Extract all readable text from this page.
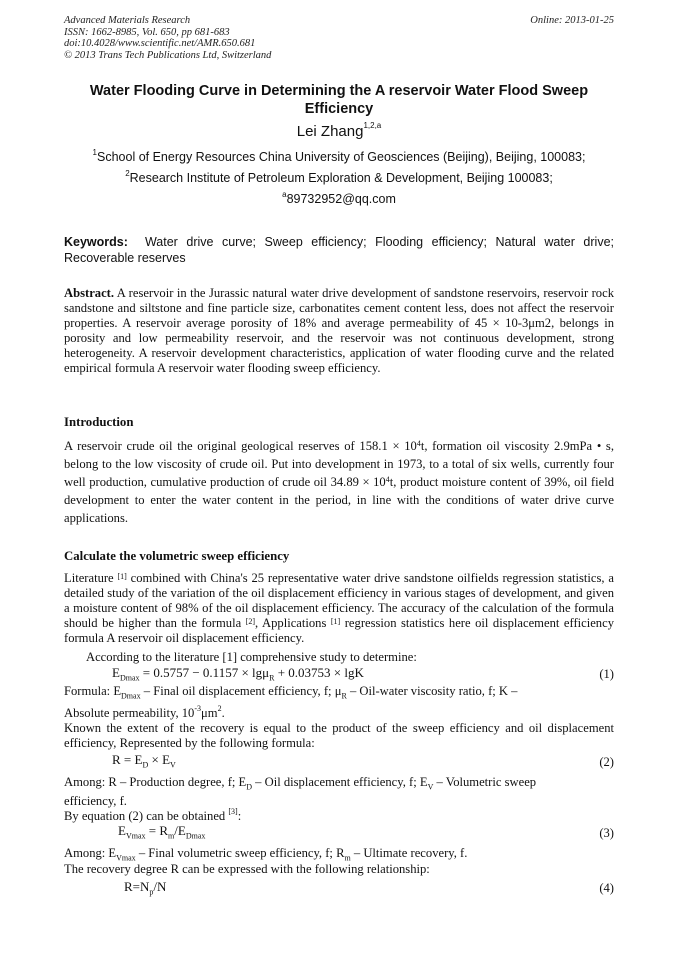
Advanced Materials Research
ISSN: 1662-8985, Vol. 650, pp 681-683
doi:10.4028/www.scientific.net/AMR.650.681
© 2013 Trans Tech Publications Ltd, Switzerland
Online: 2013-01-25
Water Flooding Curve in Determining the A reservoir Water Flood Sweep Efficiency
Lei Zhang$^{1,2,a}$
$^1$School of Energy Resources China University of Geosciences (Beijing), Beijing, 100083;
$^2$Research Institute of Petroleum Exploration & Development, Beijing 100083;
$^a$89732952@qq.com
Keywords: Water drive curve; Sweep efficiency; Flooding efficiency; Natural water drive; Recoverable reserves
Abstract. A reservoir in the Jurassic natural water drive development of sandstone reservoirs, reservoir rock sandstone and siltstone and fine particle size, carbonatites cement content less, does not affect the reservoir properties. A reservoir average porosity of 18% and average permeability of 45 × 10-3μm2, belongs in porosity and low permeability reservoir, and the reservoir was not continuous development, strong heterogeneity. A reservoir development characteristics, application of water flooding curve and the related empirical formula A reservoir water flooding sweep efficiency.
Introduction
A reservoir crude oil the original geological reserves of $158.1 \times 10^4t$, formation oil viscosity 2.9mPa • s, belong to the low viscosity of crude oil. Put into development in 1973, to a total of six wells, currently four well production, cumulative production of crude oil $34.89 \times 10^4t$, product moisture content of 39%, oil field development to enter the water content in the period, in line with the conditions of water drive curve applications.
Calculate the volumetric sweep efficiency
Literature [1] combined with China's 25 representative water drive sandstone oilfields regression statistics, a detailed study of the variation of the oil displacement efficiency in various stages of development, and given a moisture content of 98% of the oil displacement efficiency. The accuracy of the calculation of the formula should be higher than the formula [2], Applications [1] regression statistics here oil displacement efficiency formula A reservoir oil displacement efficiency.
According to the literature [1] comprehensive study to determine:
$E_{Dmax} = 0.5757 - 0.1157 \times \lg\mu_R + 0.03753 \times \lg K$	(1)
Formula: $E_{Dmax}$ – Final oil displacement efficiency, f; $\mu_R$ – Oil-water viscosity ratio, f; K –
Absolute permeability, $10^{-3}\mu m^2$.
Known the extent of the recovery is equal to the product of the sweep efficiency and oil displacement efficiency, Represented by the following formula:
$R = E_D \times E_V$	(2)
Among: R – Production degree, f; $E_D$ – Oil displacement efficiency, f; $E_V$ – Volumetric sweep
efficiency, f.
By equation (2) can be obtained [3]:
$E_{Vmax} = R_m/E_{Dmax}$	(3)
Among: $E_{Vmax}$ – Final volumetric sweep efficiency, f; $R_m$ – Ultimate recovery, f.
The recovery degree R can be expressed with the following relationship:
$R=N_p/N$	(4)
